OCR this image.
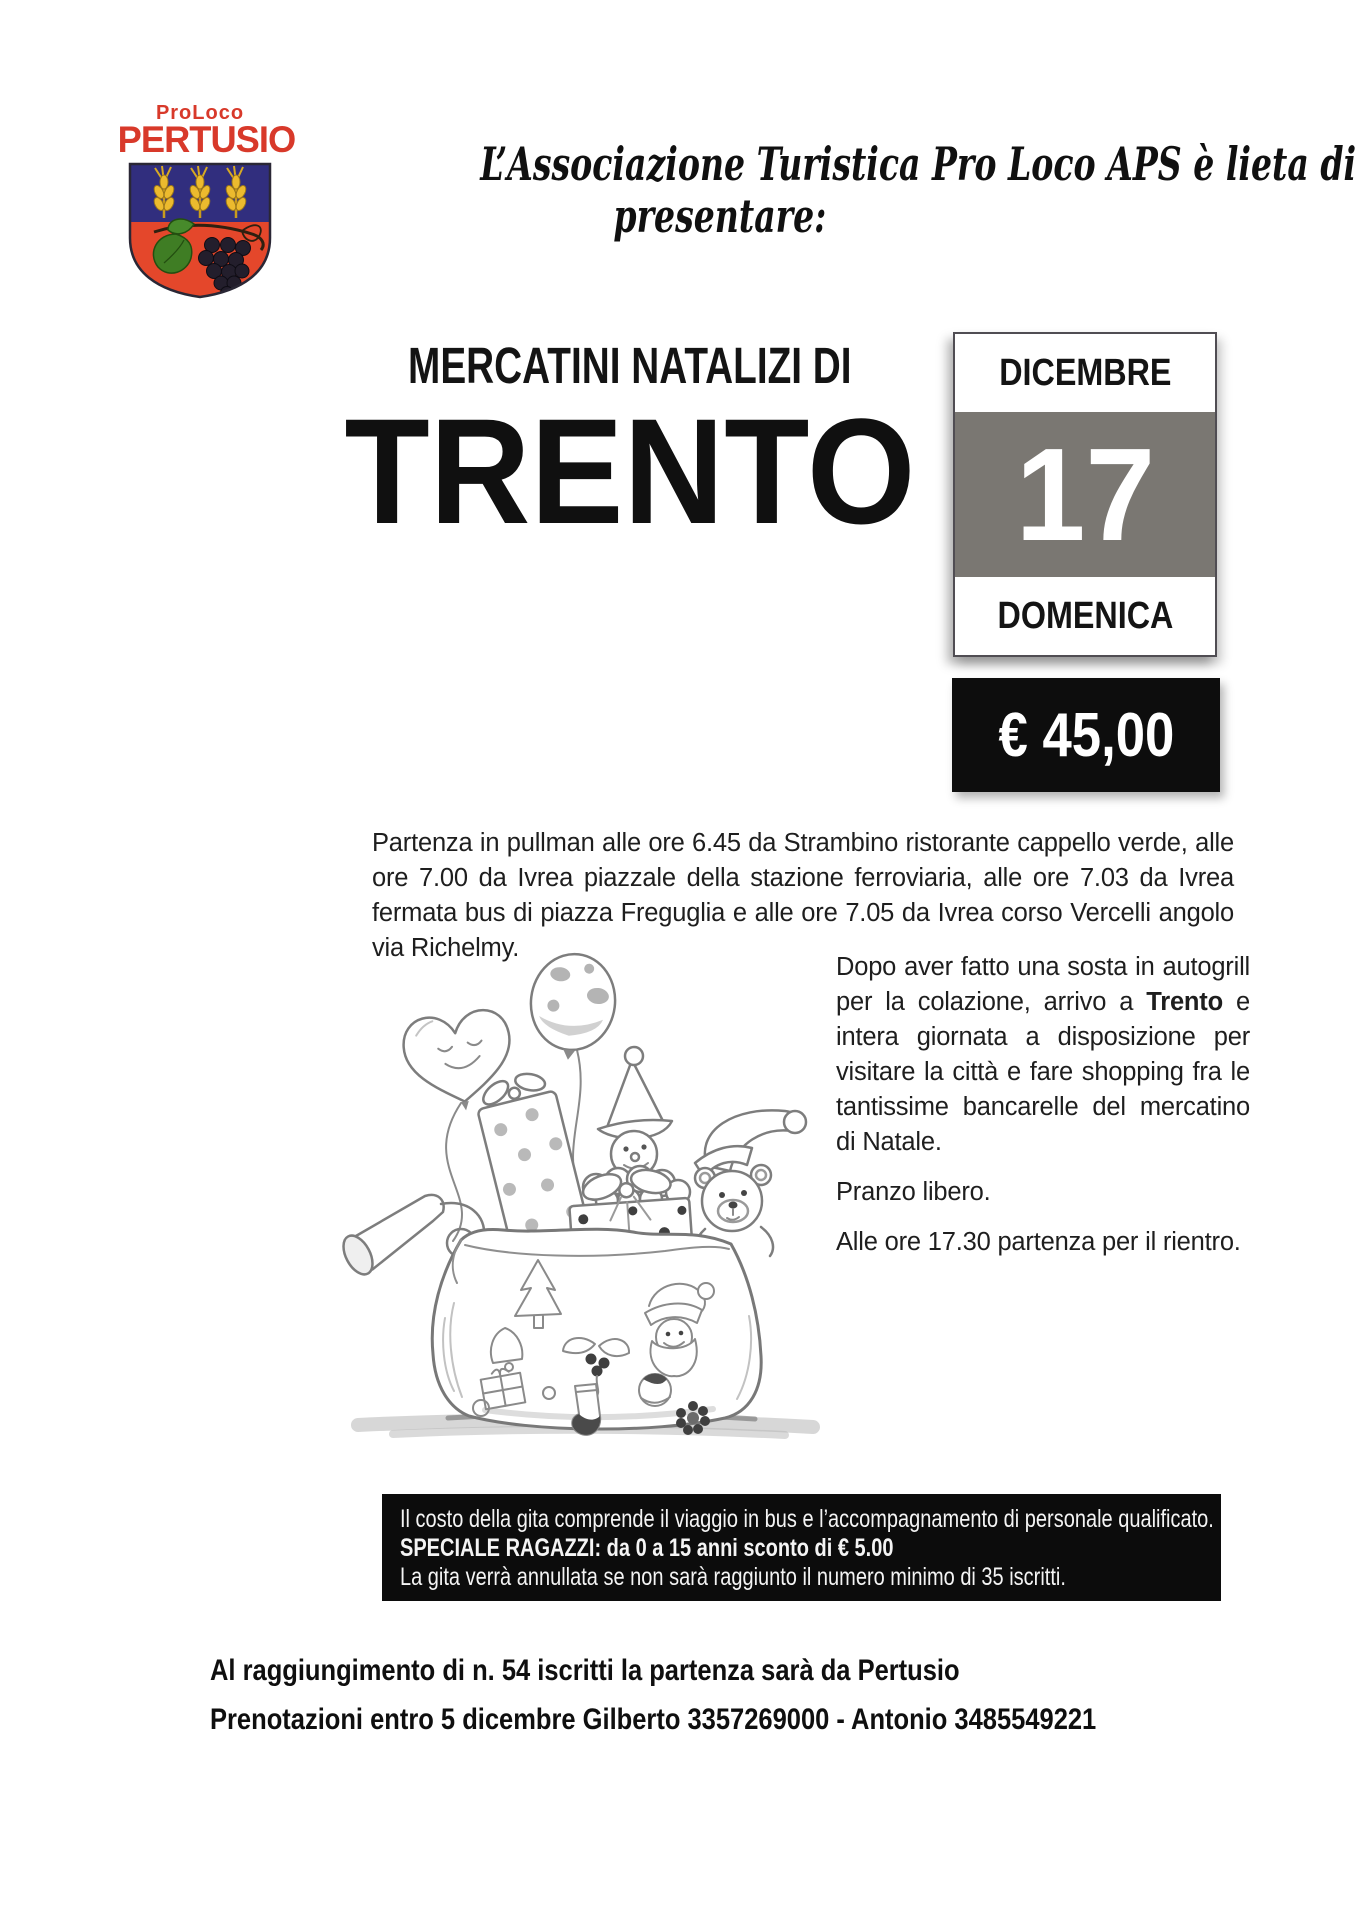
ProLoco
PERTUSIO	L’Associazione Turistica Pro Loco APS è lieta di
presentare:
MERCATINI NATALIZI DI
TRENTO
DICEMBRE
17
DOMENICA
€ 45,00
Partenza in pullman alle ore 6.45 da Strambino ristorante cappello verde, alle ore 7.00 da Ivrea piazzale della stazione ferroviaria, alle ore 7.03 da Ivrea fermata bus di piazza Freguglia e alle ore 7.05 da Ivrea corso Vercelli angolo via Richelmy.

Dopo aver fatto una sosta in autogrill per la colazione, arrivo a Trento e intera giornata a disposizione per visitare la città e fare shopping fra le tantissime bancarelle del mercatino di Natale.

Pranzo libero.

Alle ore 17.30 partenza per il rientro.

Il costo della gita comprende il viaggio in bus e l’accompagnamento di personale qualificato.
SPECIALE RAGAZZI: da 0 a 15 anni sconto di € 5.00
La gita verrà annullata se non sarà raggiunto il numero minimo di 35 iscritti.
Al raggiungimento di n. 54 iscritti la partenza sarà da Pertusio
Prenotazioni entro 5 dicembre Gilberto 3357269000 - Antonio 3485549221
